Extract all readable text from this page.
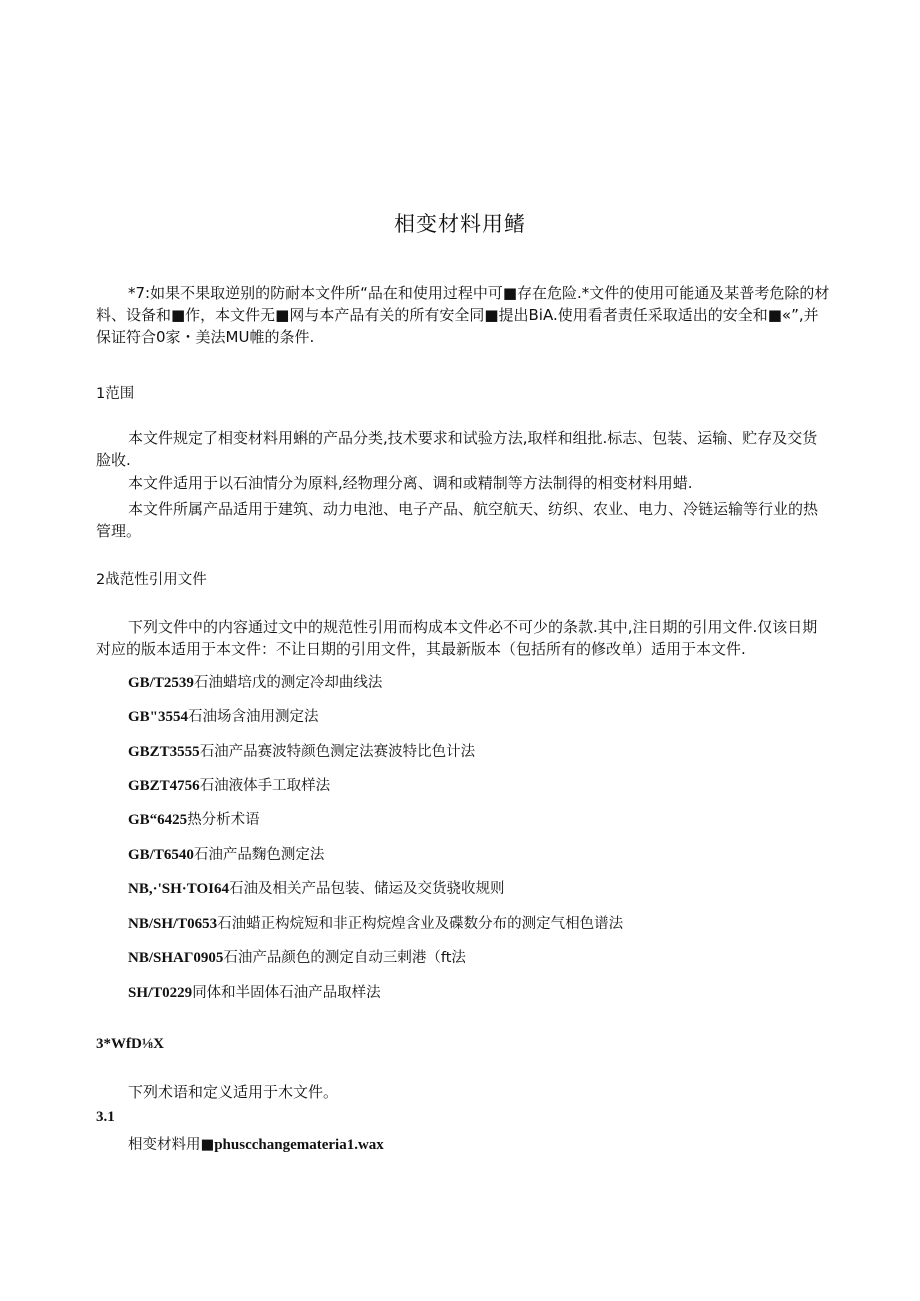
相变材料用鳍
*7:如果不果取逆别的防耐本文件所“品在和使用过程中可■存在危险.*文件的使用可能通及某普考危除的材料、设备和■作，本文件无■网与本产品有关的所有安全同■提出BiA.使用看者责任采取适出的安全和■«”,并保证符合0家・美法MU帷的条件.
1范围
本文件规定了相变材料用蝌的产品分类,技术要求和试验方法,取样和组批.标志、包装、运输、贮存及交货脸收.
本文件适用于以石油情分为原料,经物理分离、调和或精制等方法制得的相变材料用蜡.
本文件所属产品适用于建筑、动力电池、电子产品、航空航天、纺织、农业、电力、冷链运输等行业的热管理。
2战范性引用文件
下列文件中的内容通过文中的规范性引用而构成本文件必不可少的条款.其中,注日期的引用文件.仅该日期对应的版本适用于本文件：不让日期的引用文件，其最新版本（包括所有的修改单）适用于本文件.
GB/T2539石油蜡培戊的测定冷却曲线法
GB"3554石油场含油用测定法
GBZT3555石油产品赛波特颜色测定法赛波特比色计法
GBZT4756石油液体手工取样法
GB“6425热分析术语
GB/T6540石油产品麴色测定法
NB,·'SH·TOI64石油及相关产品包装、储运及交货骁收规则
NB/SH/T0653石油蜡正构烷短和非正构烷煌含业及碟数分布的测定气相色谱法
NB/SHAΓ0905石油产品颜色的测定自动三剌港（ft法
SH/T0229同体和半固体石油产品取样法
3*WfD⅛X
下列术语和定义适用于木文件。
3.1
相变材料用■phuscchangemateria1.wax
